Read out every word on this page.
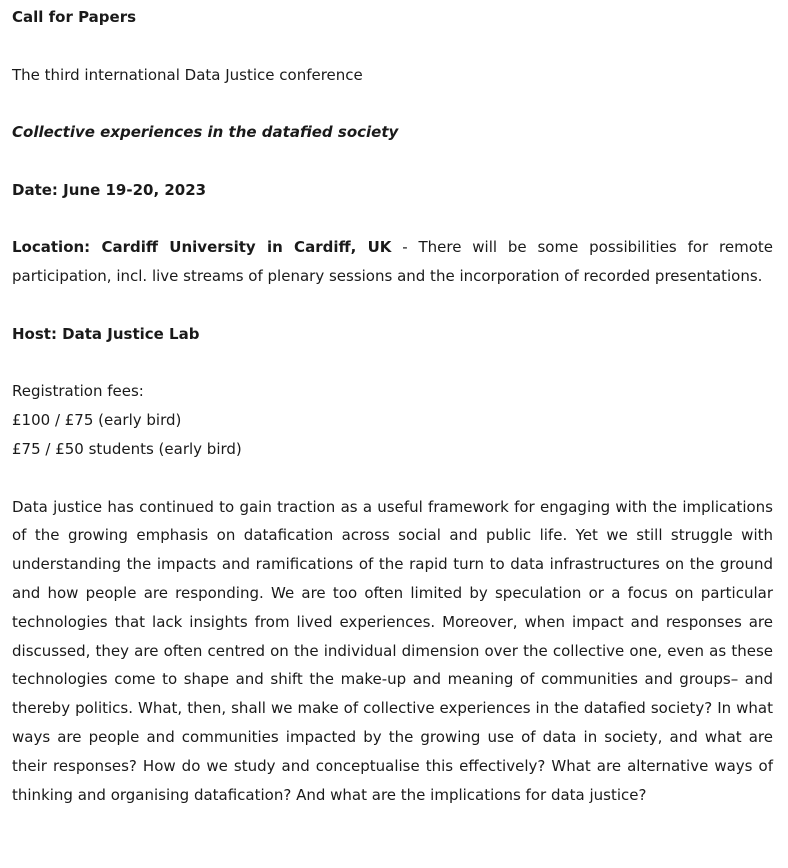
Call for Papers

The third international Data Justice conference

Collective experiences in the datafied society

Date: June 19-20, 2023

Location: Cardiff University in Cardiff, UK - There will be some possibilities for remote participation, incl. live streams of plenary sessions and the incorporation of recorded presentations.

Host: Data Justice Lab

Registration fees:
£100 / £75 (early bird)
£75 / £50 students (early bird)

Data justice has continued to gain traction as a useful framework for engaging with the implications of the growing emphasis on datafication across social and public life. Yet we still struggle with understanding the impacts and ramifications of the rapid turn to data infrastructures on the ground and how people are responding. We are too often limited by speculation or a focus on particular technologies that lack insights from lived experiences. Moreover, when impact and responses are discussed, they are often centred on the individual dimension over the collective one, even as these technologies come to shape and shift the make-up and meaning of communities and groups– and thereby politics. What, then, shall we make of collective experiences in the datafied society? In what ways are people and communities impacted by the growing use of data in society, and what are their responses? How do we study and conceptualise this effectively? What are alternative ways of thinking and organising datafication? And what are the implications for data justice?
